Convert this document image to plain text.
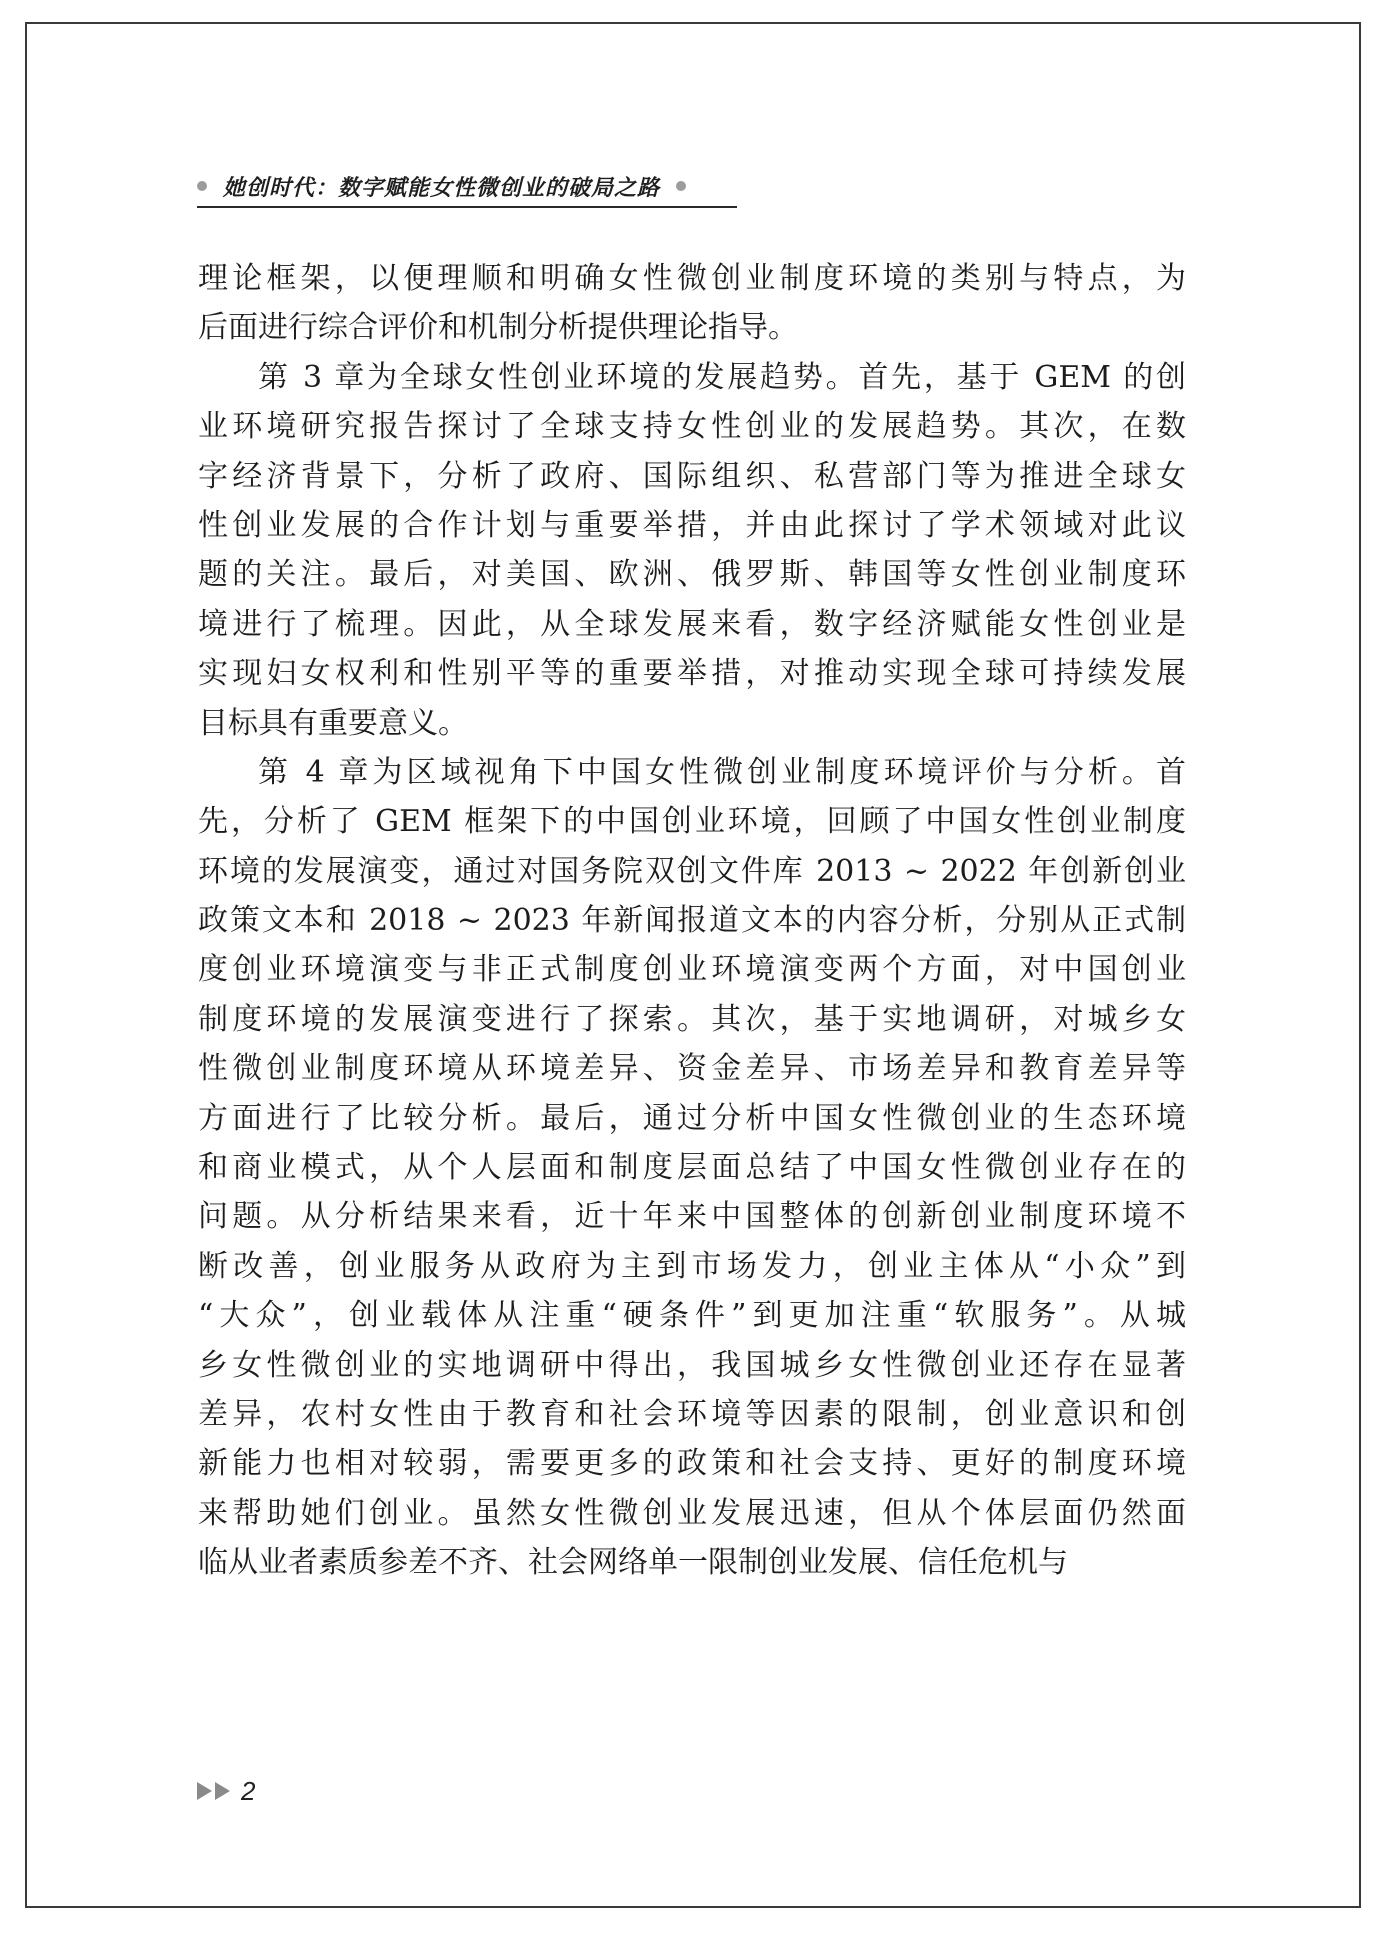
她创时代：数字赋能女性微创业的破局之路
理论框架，以便理顺和明确女性微创业制度环境的类别与特点，为
后面进行综合评价和机制分析提供理论指导。
第 3 章为全球女性创业环境的发展趋势。首先，基于 GEM 的创
业环境研究报告探讨了全球支持女性创业的发展趋势。其次，在数
字经济背景下，分析了政府、国际组织、私营部门等为推进全球女
性创业发展的合作计划与重要举措，并由此探讨了学术领域对此议
题的关注。最后，对美国、欧洲、俄罗斯、韩国等女性创业制度环
境进行了梳理。因此，从全球发展来看，数字经济赋能女性创业是
实现妇女权利和性别平等的重要举措，对推动实现全球可持续发展
目标具有重要意义。
第 4 章为区域视角下中国女性微创业制度环境评价与分析。首
先，分析了 GEM 框架下的中国创业环境，回顾了中国女性创业制度
环境的发展演变，通过对国务院双创文件库 2013 ~ 2022 年创新创业
政策文本和 2018 ~ 2023 年新闻报道文本的内容分析，分别从正式制
度创业环境演变与非正式制度创业环境演变两个方面，对中国创业
制度环境的发展演变进行了探索。其次，基于实地调研，对城乡女
性微创业制度环境从环境差异、资金差异、市场差异和教育差异等
方面进行了比较分析。最后，通过分析中国女性微创业的生态环境
和商业模式，从个人层面和制度层面总结了中国女性微创业存在的
问题。从分析结果来看，近十年来中国整体的创新创业制度环境不
断改善，创业服务从政府为主到市场发力，创业主体从“小众”到
“大众”，创业载体从注重“硬条件”到更加注重“软服务”。从城
乡女性微创业的实地调研中得出，我国城乡女性微创业还存在显著
差异，农村女性由于教育和社会环境等因素的限制，创业意识和创
新能力也相对较弱，需要更多的政策和社会支持、更好的制度环境
来帮助她们创业。虽然女性微创业发展迅速，但从个体层面仍然面
临从业者素质参差不齐、社会网络单一限制创业发展、信任危机与
2
